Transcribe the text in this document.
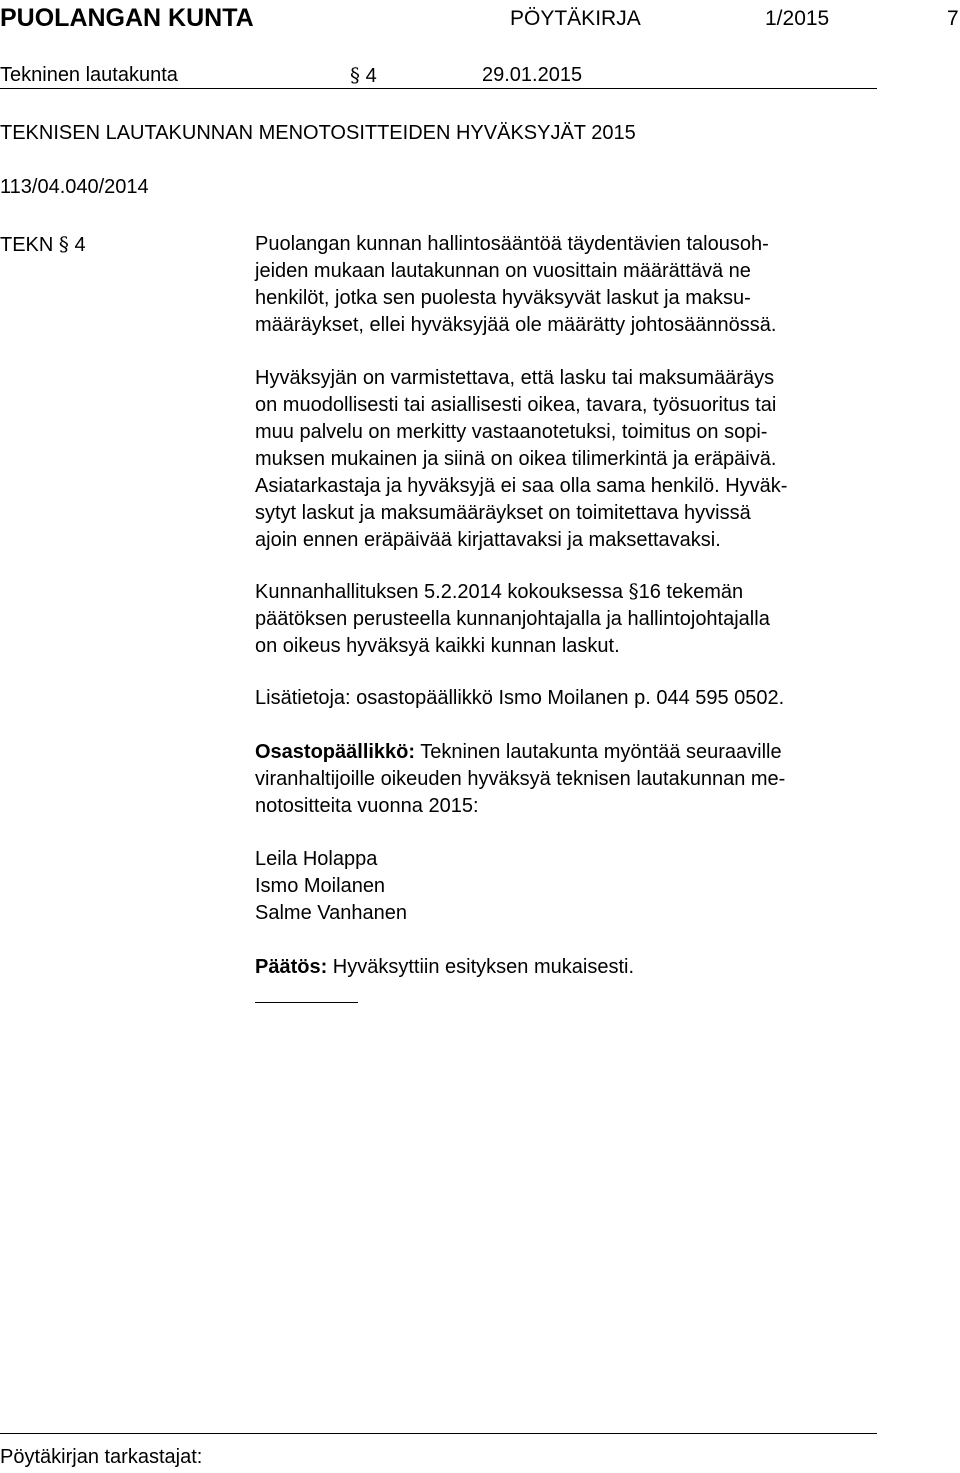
PUOLANGAN KUNTA	PÖYTÄKIRJA	1/2015	7
Tekninen lautakunta	§ 4	29.01.2015
TEKNISEN LAUTAKUNNAN MENOTOSITTEIDEN HYVÄKSYJÄT 2015
113/04.040/2014
TEKN § 4	Puolangan kunnan hallintosääntöä täydentävien talousoh-
jeiden mukaan lautakunnan on vuosittain määrättävä ne
henkilöt, jotka sen puolesta hyväksyvät laskut ja maksu-
määräykset, ellei hyväksyjää ole määrätty johtosäännössä.
Hyväksyjän on varmistettava, että lasku tai maksumääräys
on muodollisesti tai asiallisesti oikea, tavara, työsuoritus tai
muu palvelu on merkitty vastaanotetuksi, toimitus on sopi-
muksen mukainen ja siinä on oikea tilimerkintä ja eräpäivä.
Asiatarkastaja ja hyväksyjä ei saa olla sama henkilö. Hyväk-
sytyt laskut ja maksumääräykset on toimitettava hyvissä
ajoin ennen eräpäivää kirjattavaksi ja maksettavaksi.
Kunnanhallituksen 5.2.2014 kokouksessa §16 tekemän
päätöksen perusteella kunnanjohtajalla ja hallintojohtajalla
on oikeus hyväksyä kaikki kunnan laskut.
Lisätietoja: osastopäällikkö Ismo Moilanen p. 044 595 0502.
Osastopäällikkö: Tekninen lautakunta myöntää seuraaville
viranhaltijoille oikeuden hyväksyä teknisen lautakunnan me-
notositteita vuonna 2015:
Leila Holappa
Ismo Moilanen
Salme Vanhanen
Päätös: Hyväksyttiin esityksen mukaisesti.
Pöytäkirjan tarkastajat:
